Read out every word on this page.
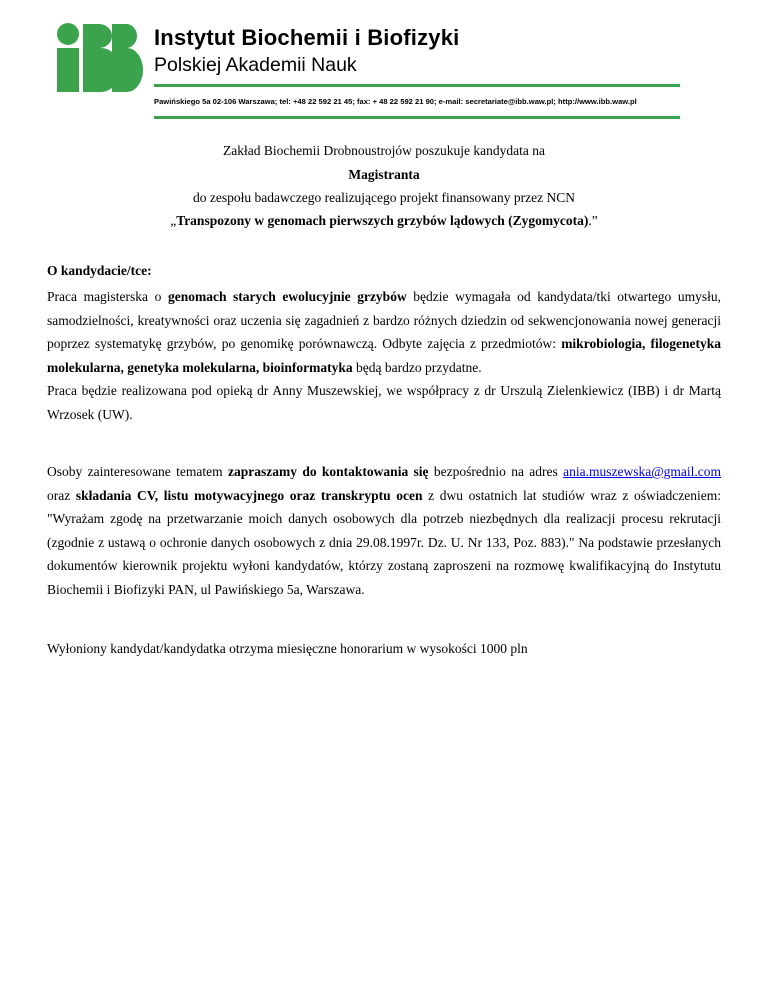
Instytut Biochemii i Biofizyki
Polskiej Akademii Nauk
Pawińskiego 5a 02-106 Warszawa; tel: +48 22 592 21 45; fax: + 48 22 592 21 90; e-mail: secretariate@ibb.waw.pl; http://www.ibb.waw.pl
Zakład Biochemii Drobnoustrojów poszukuje kandydata na
Magistranta
do zespołu badawczego realizującego projekt finansowany przez NCN
„Transpozony w genomach pierwszych grzybów lądowych (Zygomycota).”
O kandydacie/tce:
Praca magisterska o genomach starych ewolucyjnie grzybów będzie wymagała od kandydata/tki otwartego umysłu, samodzielności, kreatywności oraz uczenia się zagadnień z bardzo różnych dziedzin od sekwencjonowania nowej generacji poprzez systematykę grzybów, po genomikę porównawczą. Odbyte zajęcia z przedmiotów: mikrobiologia, filogenetyka molekularna, genetyka molekularna, bioinformatyka będą bardzo przydatne.
Praca będzie realizowana pod opieką dr Anny Muszewskiej, we współpracy z dr Urszulą Zielenkiewicz (IBB) i dr Martą Wrzosek (UW).
Osoby zainteresowane tematem zapraszamy do kontaktowania się bezpośrednio na adres ania.muszewska@gmail.com oraz składania CV, listu motywacyjnego oraz transkryptu ocen z dwu ostatnich lat studiów wraz z oświadczeniem: "Wyrażam zgodę na przetwarzanie moich danych osobowych dla potrzeb niezbędnych dla realizacji procesu rekrutacji (zgodnie z ustawą o ochronie danych osobowych z dnia 29.08.1997r. Dz. U. Nr 133, Poz. 883)." Na podstawie przesłanych dokumentów kierownik projektu wyłoni kandydatów, którzy zostaną zaproszeni na rozmowę kwalifikacyjną do Instytutu Biochemii i Biofizyki PAN, ul Pawińskiego 5a, Warszawa.
Wyłoniony kandydat/kandydatka otrzyma miesięczne honorarium w wysokości 1000 pln
